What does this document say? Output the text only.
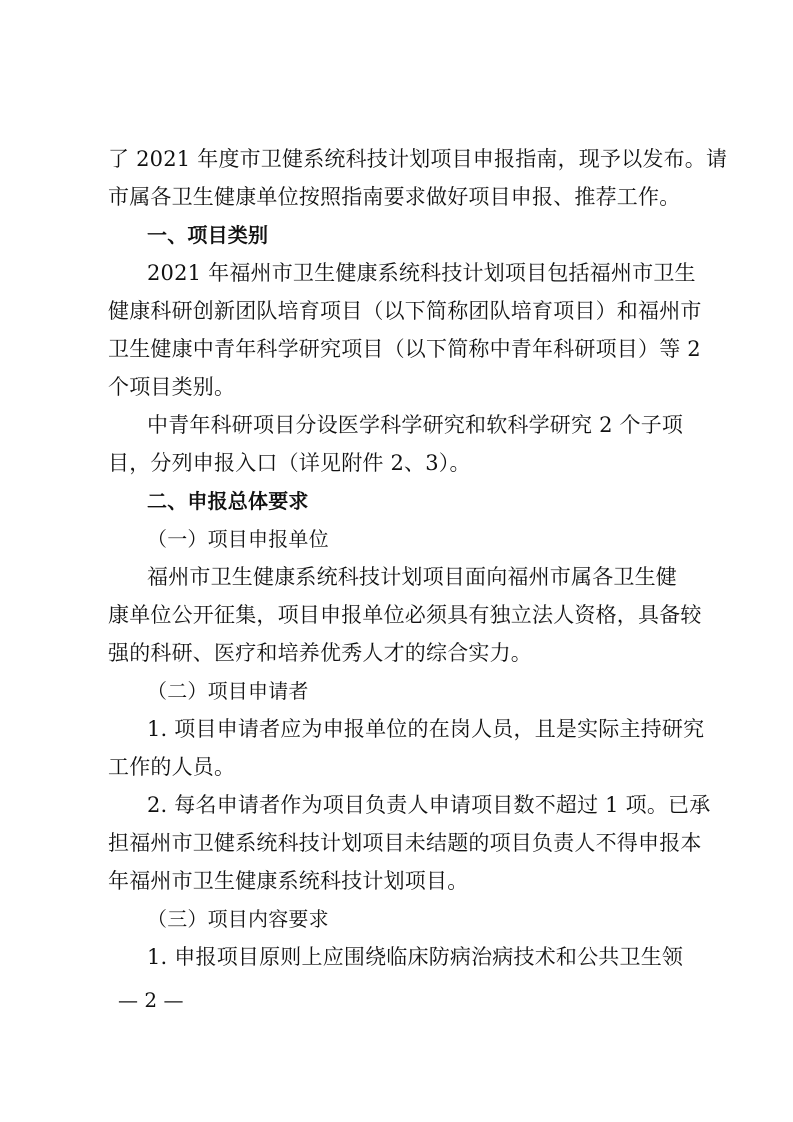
了 2021 年度市卫健系统科技计划项目申报指南，现予以发布。请
市属各卫生健康单位按照指南要求做好项目申报、推荐工作。
一、项目类别
2021 年福州市卫生健康系统科技计划项目包括福州市卫生
健康科研创新团队培育项目（以下简称团队培育项目）和福州市
卫生健康中青年科学研究项目（以下简称中青年科研项目）等 2
个项目类别。
中青年科研项目分设医学科学研究和软科学研究 2 个子项
目，分列申报入口（详见附件 2、3）。
二、申报总体要求
（一）项目申报单位
福州市卫生健康系统科技计划项目面向福州市属各卫生健
康单位公开征集，项目申报单位必须具有独立法人资格，具备较
强的科研、医疗和培养优秀人才的综合实力。
（二）项目申请者
1. 项目申请者应为申报单位的在岗人员，且是实际主持研究
工作的人员。
2. 每名申请者作为项目负责人申请项目数不超过 1 项。已承
担福州市卫健系统科技计划项目未结题的项目负责人不得申报本
年福州市卫生健康系统科技计划项目。
（三）项目内容要求
1. 申报项目原则上应围绕临床防病治病技术和公共卫生领
— 2 —
